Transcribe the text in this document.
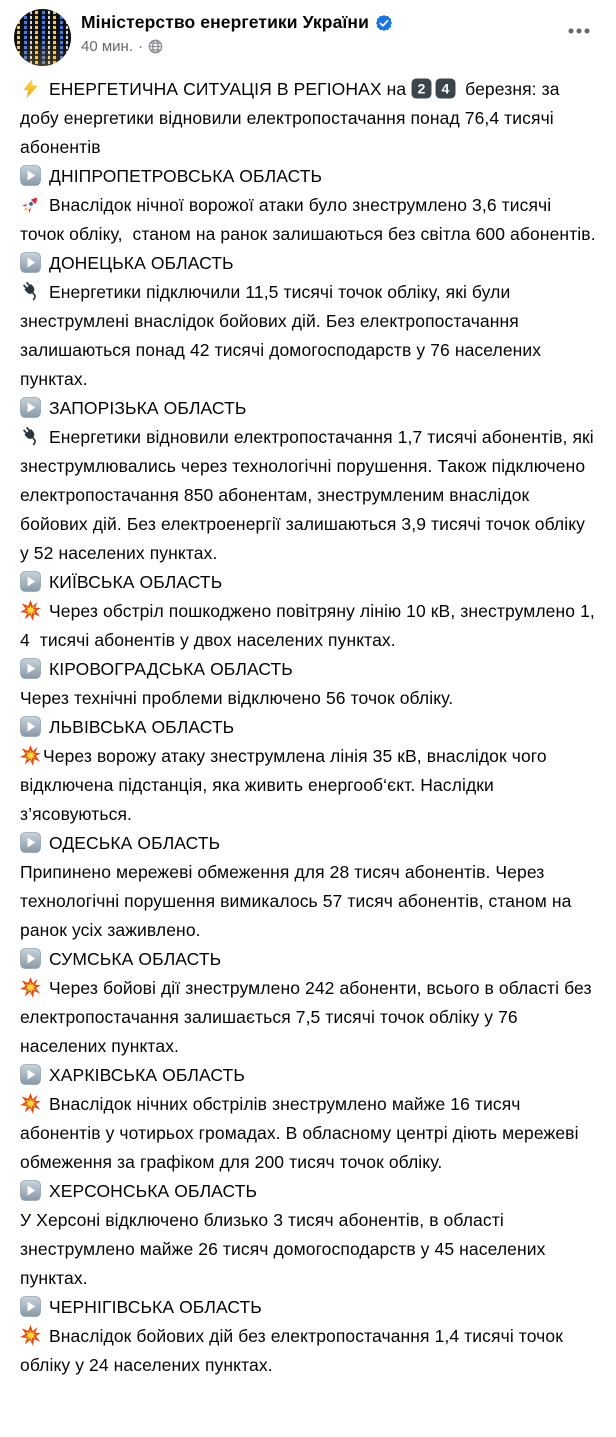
Міністерство енергетики України
40 мин. ·
ЕНЕРГЕТИЧНА СИТУАЦІЯ В РЕГІОНАХ на 2 4 березня: за добу енергетики відновили електропостачання понад 76,4 тисячі абонентів
ДНІПРОПЕТРОВСЬКА ОБЛАСТЬ
Внаслідок нічної ворожої атаки було знеструмлено 3,6 тисячі точок обліку,  станом на ранок залишаються без світла 600 абонентів.
ДОНЕЦЬКА ОБЛАСТЬ
Енергетики підключили 11,5 тисячі точок обліку, які були знеструмлені внаслідок бойових дій. Без електропостачання залишаються понад 42 тисячі домогосподарств у 76 населених пунктах.
ЗАПОРІЗЬКА ОБЛАСТЬ
Енергетики відновили електропостачання 1,7 тисячі абонентів, які знеструмлювались через технологічні порушення. Також підключено електропостачання 850 абонентам, знеструмленим внаслідок бойових дій. Без електроенергії залишаються 3,9 тисячі точок обліку у 52 населених пунктах.
КИЇВСЬКА ОБЛАСТЬ
Через обстріл пошкоджено повітряну лінію 10 кВ, знеструмлено 1, 4  тисячі абонентів у двох населених пунктах.
КІРОВОГРАДСЬКА ОБЛАСТЬ
Через технічні проблеми відключено 56 точок обліку.
ЛЬВІВСЬКА ОБЛАСТЬ
Через ворожу атаку знеструмлена лінія 35 кВ, внаслідок чого відключена підстанція, яка живить енергооб‘єкт. Наслідки з’ясовуються.
ОДЕСЬКА ОБЛАСТЬ
Припинено мережеві обмеження для 28 тисяч абонентів. Через технологічні порушення вимикалось 57 тисяч абонентів, станом на ранок усіх заживлено.
СУМСЬКА ОБЛАСТЬ
Через бойові дії знеструмлено 242 абоненти, всього в області без електропостачання залишається 7,5 тисячі точок обліку у 76 населених пунктах.
ХАРКІВСЬКА ОБЛАСТЬ
Внаслідок нічних обстрілів знеструмлено майже 16 тисяч абонентів у чотирьох громадах. В обласному центрі діють мережеві обмеження за графіком для 200 тисяч точок обліку.
ХЕРСОНСЬКА ОБЛАСТЬ
У Херсоні відключено близько 3 тисяч абонентів, в області знеструмлено майже 26 тисяч домогосподарств у 45 населених пунктах.
ЧЕРНІГІВСЬКА ОБЛАСТЬ
Внаслідок бойових дій без електропостачання 1,4 тисячі точок обліку у 24 населених пунктах.
